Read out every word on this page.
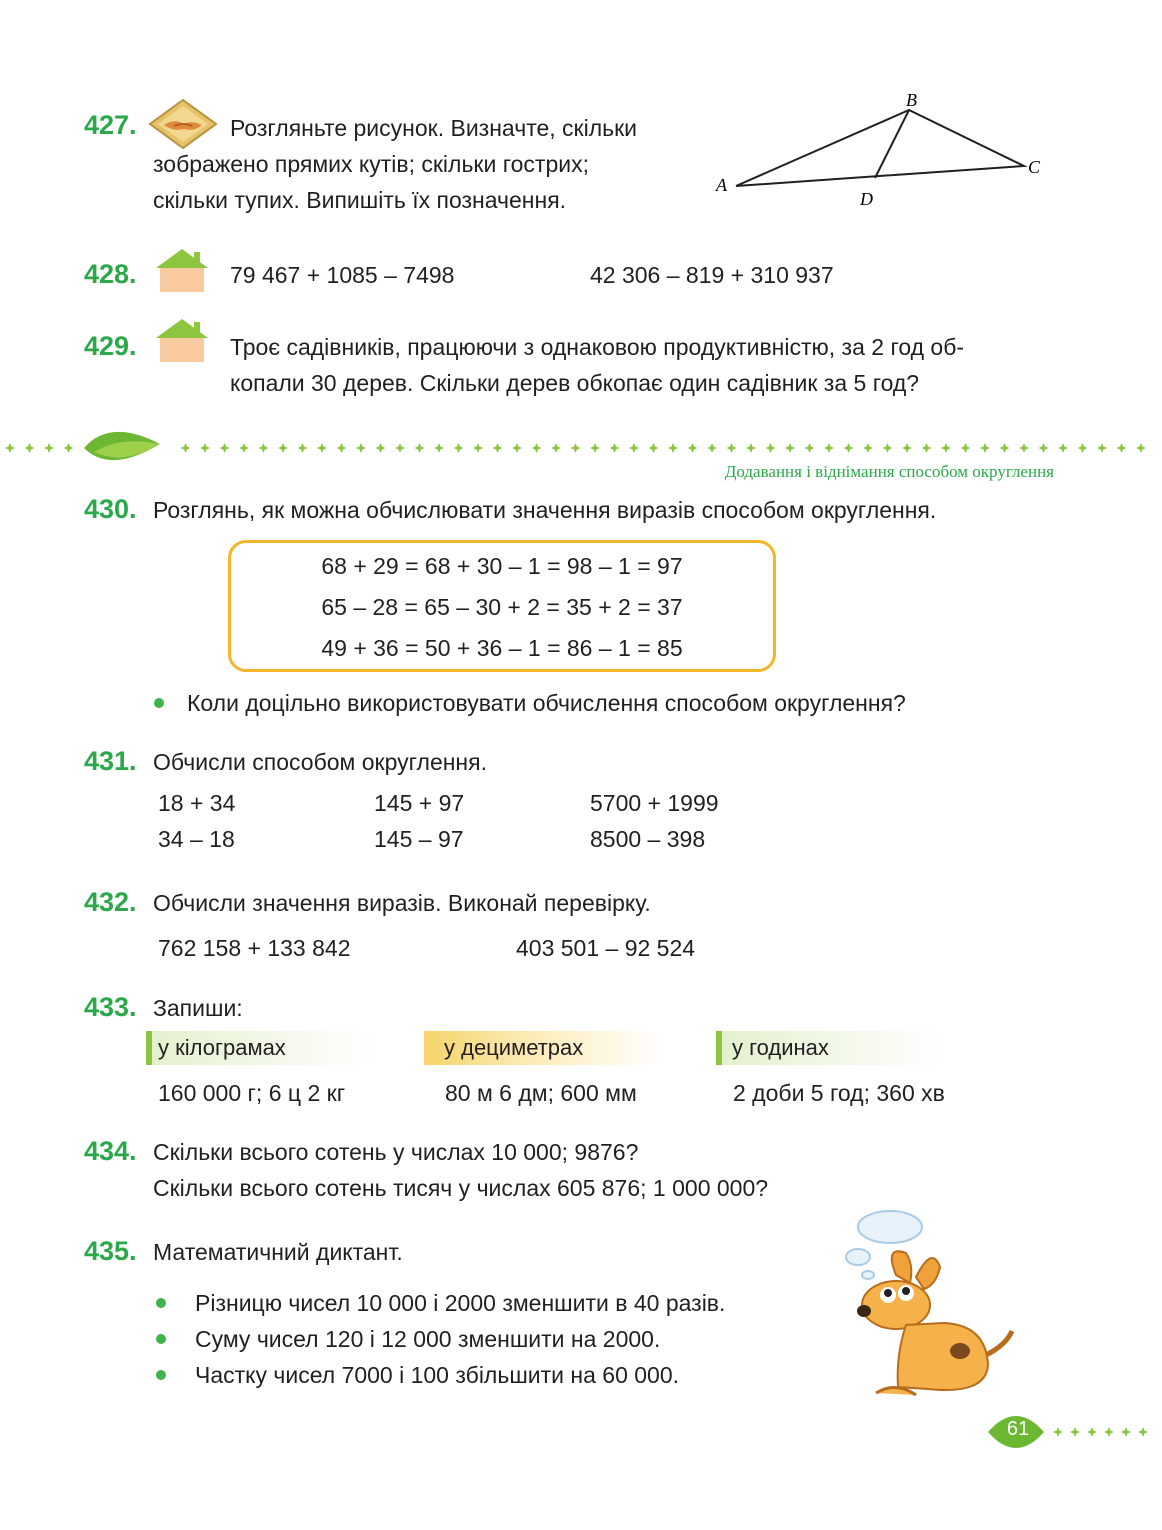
427.	Розгляньте рисунок. Визначте, скільки
зображено прямих кутів; скільки гострих;
скільки тупих. Випишіть їх позначення.
B
C
A
D
428.	79 467 + 1085 – 7498	42 306 – 819 + 310 937
429.	Троє садівників, працюючи з однаковою продуктивністю, за 2 год об-
копали 30 дерев. Скільки дерев обкопає один садівник за 5 год?
Додавання і віднімання способом округлення
430. Розглянь, як можна обчислювати значення виразів способом округлення.
68 + 29 = 68 + 30 – 1 = 98 – 1 = 97
65 – 28 = 65 – 30 + 2 = 35 + 2 = 37
49 + 36 = 50 + 36 – 1 = 86 – 1 = 85
Коли доцільно використовувати обчислення способом округлення?
431. Обчисли способом округлення.
18 + 34	145 + 97	5700 + 1999
34 – 18	145 – 97	8500 – 398
432. Обчисли значення виразів. Виконай перевірку.
762 158 + 133 842	403 501 – 92 524
433. Запиши:
у кілограмах	у дециметрах	у годинах
160 000 г; 6 ц 2 кг	80 м 6 дм; 600 мм	2 доби 5 год; 360 хв
434. Скільки всього сотень у числах 10 000; 9876?
Скільки всього сотень тисяч у числах 605 876; 1 000 000?
435. Математичний диктант.
Різницю чисел 10 000 і 2000 зменшити в 40 разів.
Суму чисел 120 і 12 000 зменшити на 2000.
Частку чисел 7000 і 100 збільшити на 60 000.
61
